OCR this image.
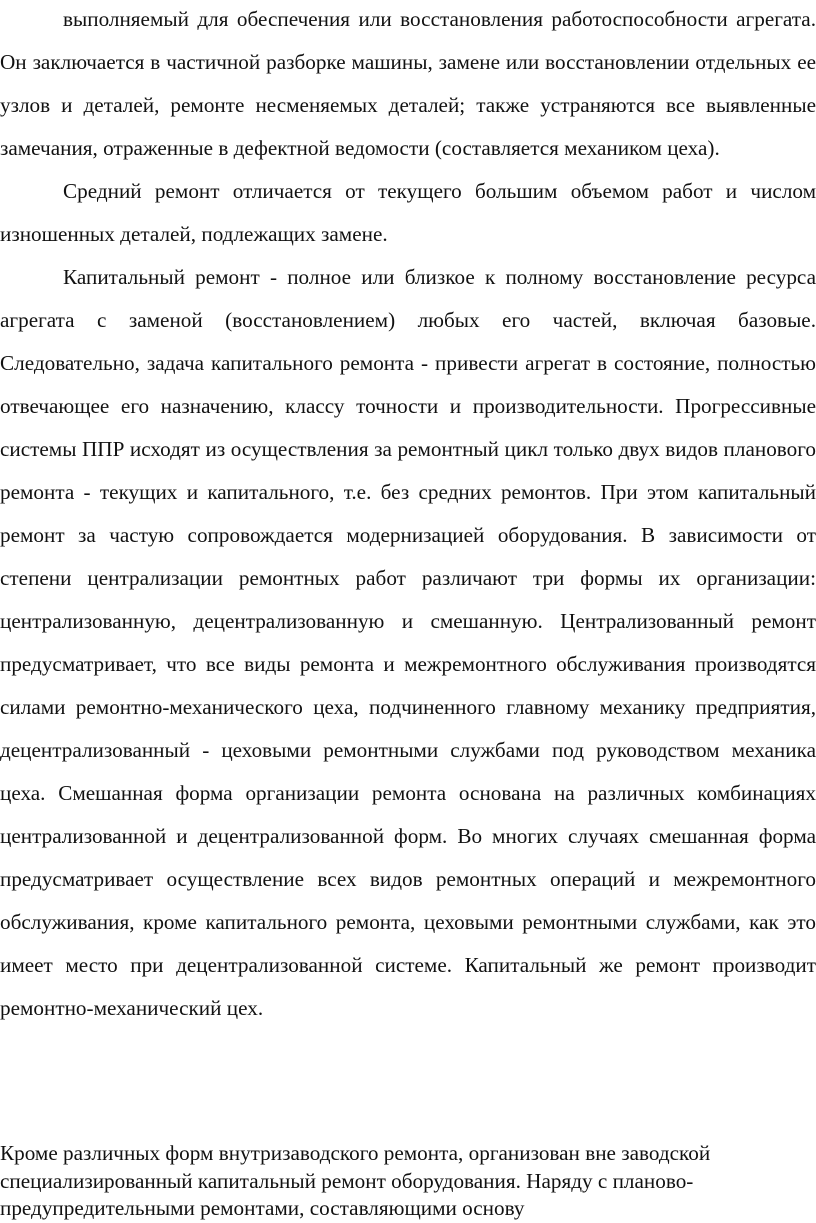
выполняемый для обеспечения или восстановления работоспособности агрегата. Он заключается в частичной разборке машины, замене или восстановлении отдельных ее узлов и деталей, ремонте несменяемых деталей; также устраняются все выявленные замечания, отраженные в дефектной ведомости (составляется механиком цеха).

Средний ремонт отличается от текущего большим объемом работ и числом изношенных деталей, подлежащих замене.

Капитальный ремонт - полное или близкое к полному восстановление ресурса агрегата с заменой (восстановлением) любых его частей, включая базовые. Следовательно, задача капитального ремонта - привести агрегат в состояние, полностью отвечающее его назначению, классу точности и производительности. Прогрессивные системы ППР исходят из осуществления за ремонтный цикл только двух видов планового ремонта - текущих и капитального, т.е. без средних ремонтов. При этом капитальный ремонт за частую сопровождается модернизацией оборудования. В зависимости от степени централизации ремонтных работ различают три формы их организации: централизованную, децентрализованную и смешанную. Централизованный ремонт предусматривает, что все виды ремонта и межремонтного обслуживания производятся силами ремонтно-механического цеха, подчиненного главному механику предприятия, децентрализованный - цеховыми ремонтными службами под руководством механика цеха. Смешанная форма организации ремонта основана на различных комбинациях централизованной и децентрализованной форм. Во многих случаях смешанная форма предусматривает осуществление всех видов ремонтных операций и межремонтного обслуживания, кроме капитального ремонта, цеховыми ремонтными службами, как это имеет место при децентрализованной системе. Капитальный же ремонт производит ремонтно-механический цех.

Кроме различных форм внутризаводского ремонта, организован вне заводской специализированный капитальный ремонт оборудования. Наряду с планово-предупредительными ремонтами, составляющими основу
